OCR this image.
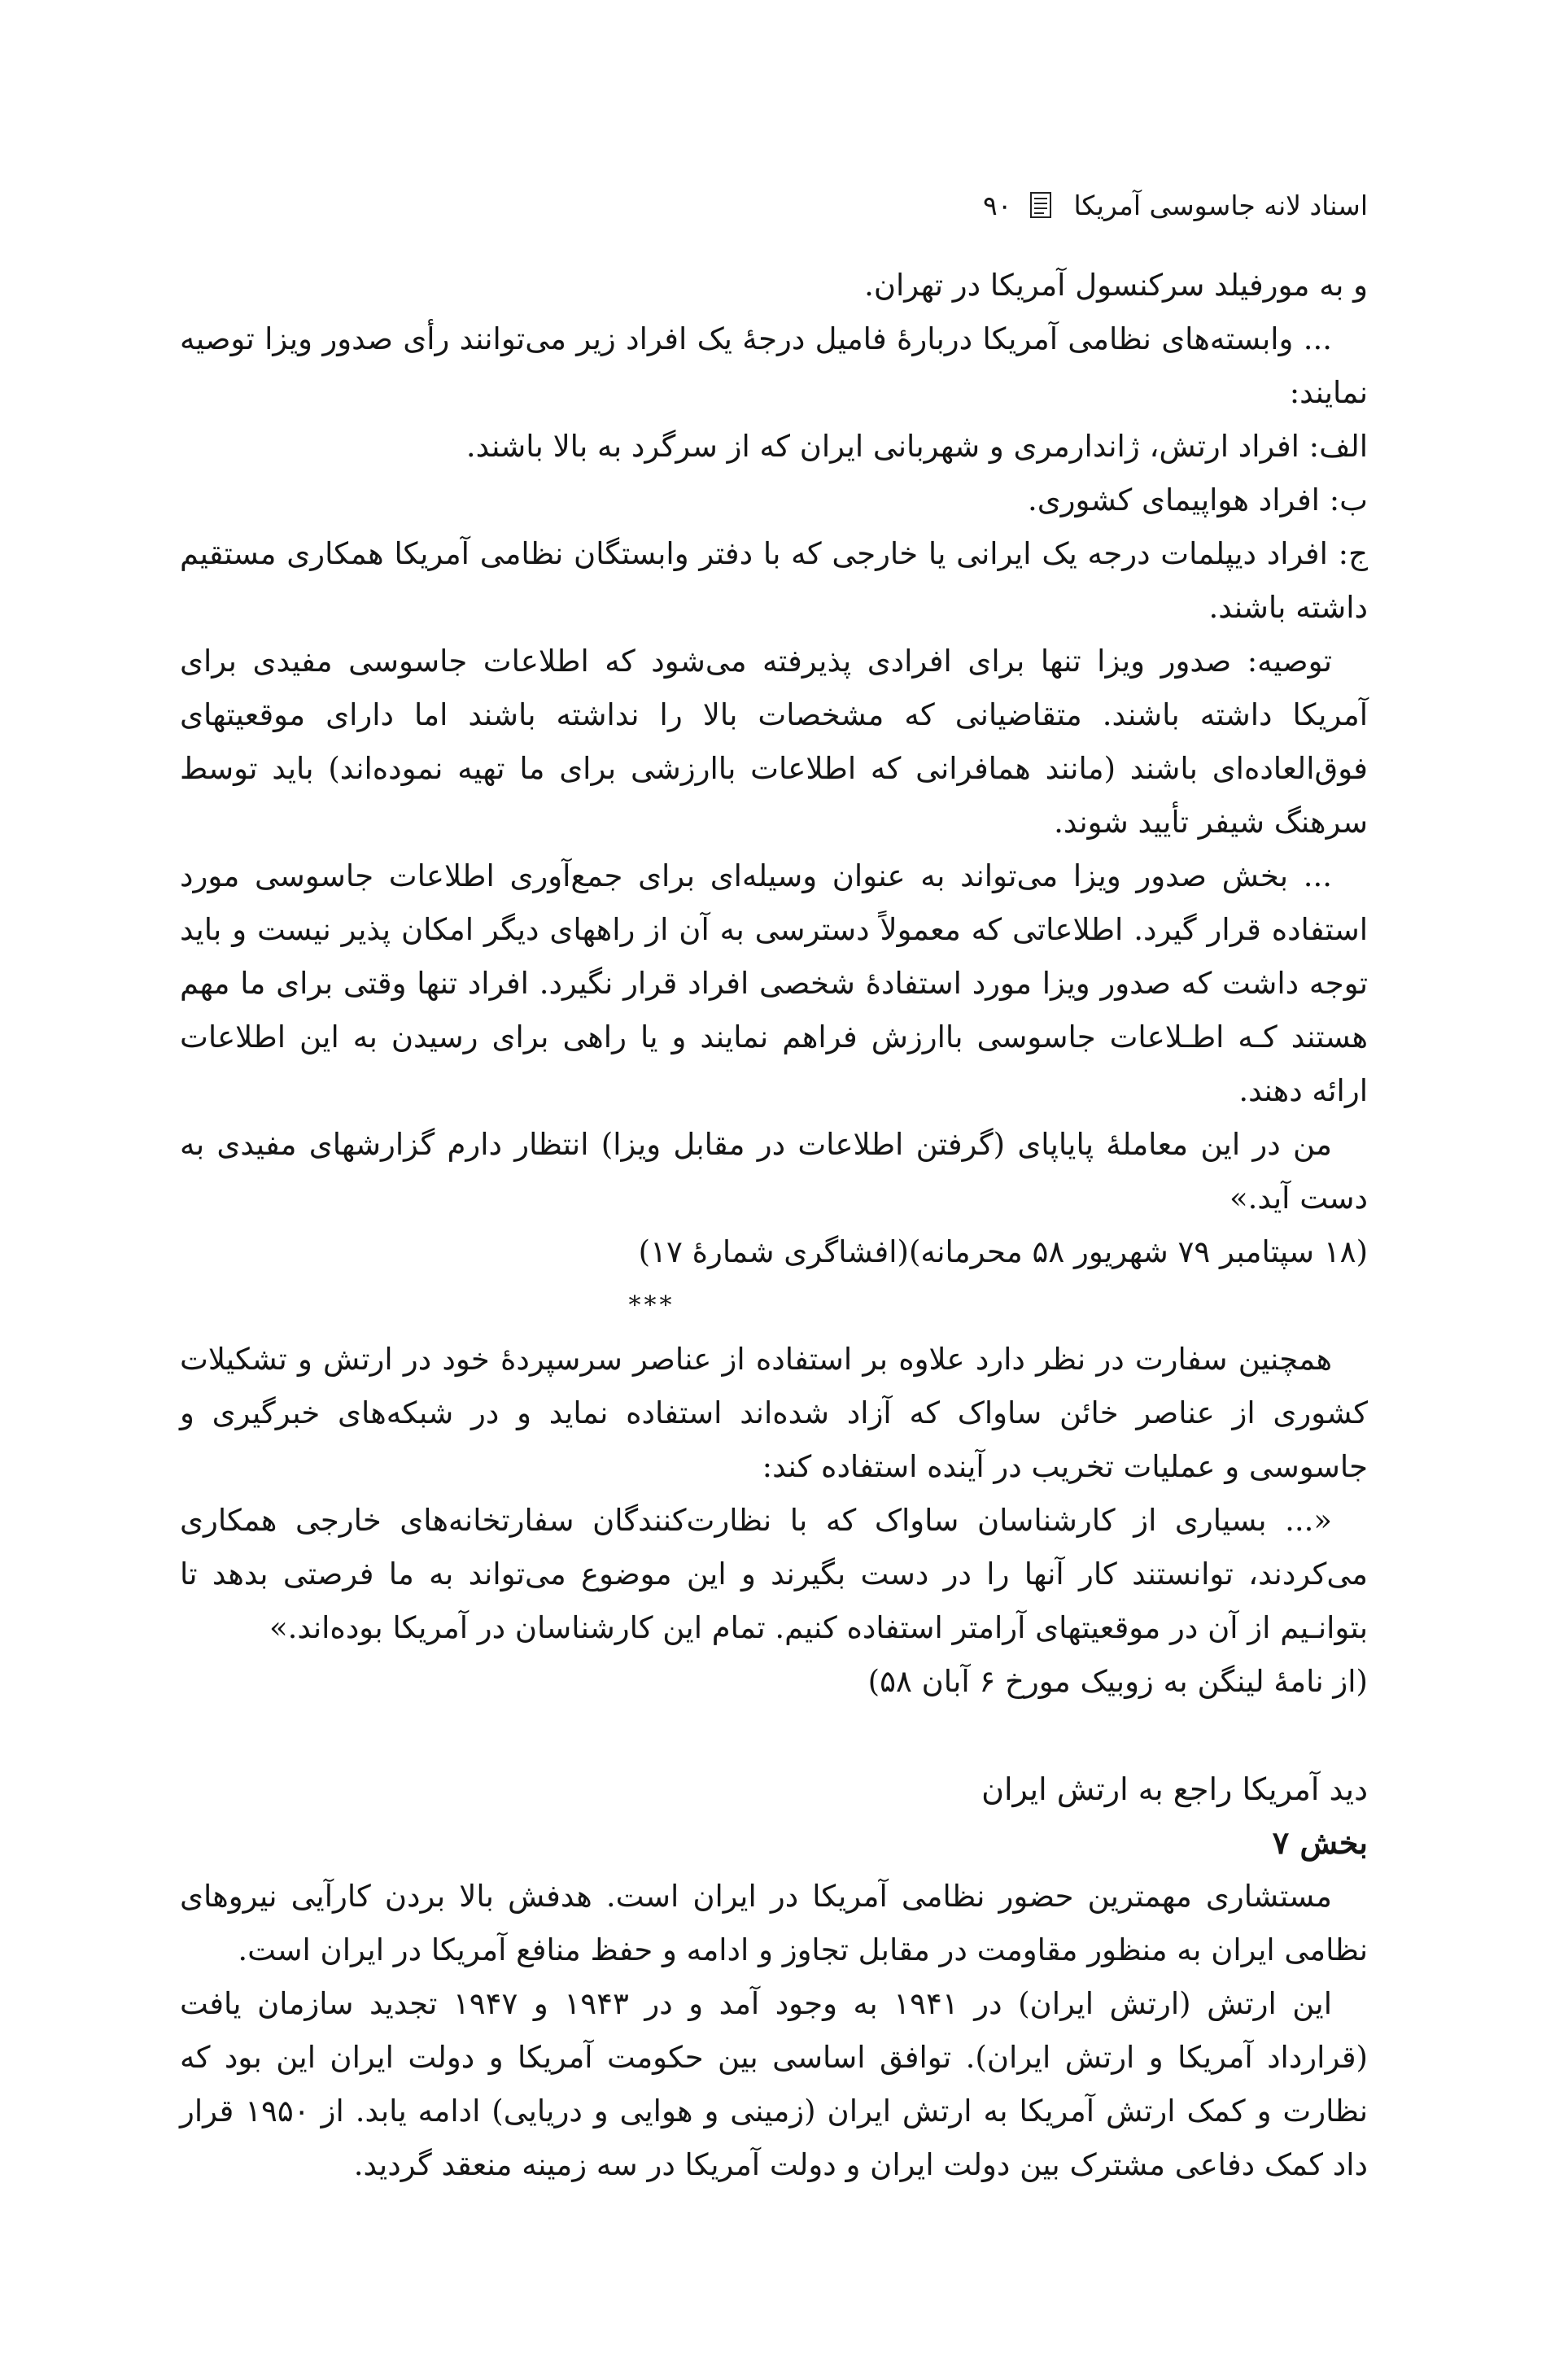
اسناد لانه جاسوسی آمریکا
۹۰

و به مورفیلد سرکنسول آمریکا در تهران.

... وابسته‌های نظامی آمریکا دربارهٔ فامیل درجهٔ یک افراد زیر می‌توانند رأی صدور ویزا توصیه نمایند:

الف: افراد ارتش، ژاندارمری و شهربانی ایران که از سرگرد به بالا باشند.

ب: افراد هواپیمای کشوری.

ج: افراد دیپلمات درجه یک ایرانی یا خارجی که با دفتر وابستگان نظامی آمریکا همکاری مستقیم داشته باشند.

توصیه: صدور ویزا تنها برای افرادی پذیرفته می‌شود که اطلاعات جاسوسی مفیدی برای آمریکا داشته باشند. متقاضیانی که مشخصات بالا را نداشته باشند اما دارای موقعیتهای فوق‌العاده‌ای باشند (مانند همافرانی که اطلاعات باارزشی برای ما تهیه نموده‌اند) باید توسط سرهنگ شیفر تأیید شوند.

... بخش صدور ویزا می‌تواند به عنوان وسیله‌ای برای جمع‌آوری اطلاعات جاسوسی مورد استفاده قرار گیرد. اطلاعاتی که معمولاً دسترسی به آن از راههای دیگر امکان پذیر نیست و باید توجه داشت که صدور ویزا مورد استفادهٔ شخصی افراد قرار نگیرد. افراد تنها وقتی برای ما مهم هستند کـه اطـلاعات جاسوسی باارزش فراهم نمایند و یا راهی برای رسیدن به این اطلاعات ارائه دهند.

من در این معاملهٔ پایاپای (گرفتن اطلاعات در مقابل ویزا) انتظار دارم گزارشهای مفیدی به دست آید.»

(۱۸ سپتامبر ۷۹ شهریور ۵۸ محرمانه)(افشاگری شمارهٔ ۱۷)

***

همچنین سفارت در نظر دارد علاوه بر استفاده از عناصر سرسپردهٔ خود در ارتش و تشکیلات کشوری از عناصر خائن ساواک که آزاد شده‌اند استفاده نماید و در شبکه‌های خبرگیری و جاسوسی و عملیات تخریب در آینده استفاده کند:

«... بسیاری از کارشناسان ساواک که با نظارت‌کنندگان سفارتخانه‌های خارجی همکاری می‌کردند، توانستند کار آنها را در دست بگیرند و این موضوع می‌تواند به ما فرصتی بدهد تا بتوانـیم از آن در موقعیتهای آرامتر استفاده کنیم. تمام این کارشناسان در آمریکا بوده‌اند.»

(از نامهٔ لینگن به زوبیک مورخ ۶ آبان ۵۸)

دید آمریکا راجع به ارتش ایران

بخش ۷

مستشاری مهمترین حضور نظامی آمریکا در ایران است. هدفش بالا بردن کارآیی نیروهای نظامی ایران به منظور مقاومت در مقابل تجاوز و ادامه و حفظ منافع آمریکا در ایران است.

این ارتش (ارتش ایران) در ۱۹۴۱ به وجود آمد و در ۱۹۴۳ و ۱۹۴۷ تجدید سازمان یافت (قرارداد آمریکا و ارتش ایران). توافق اساسی بین حکومت آمریکا و دولت ایران این بود که نظارت و کمک ارتش آمریکا به ارتش ایران (زمینی و هوایی و دریایی) ادامه یابد. از ۱۹۵۰ قرار داد کمک دفاعی مشترک بین دولت ایران و دولت آمریکا در سه زمینه منعقد گردید.
